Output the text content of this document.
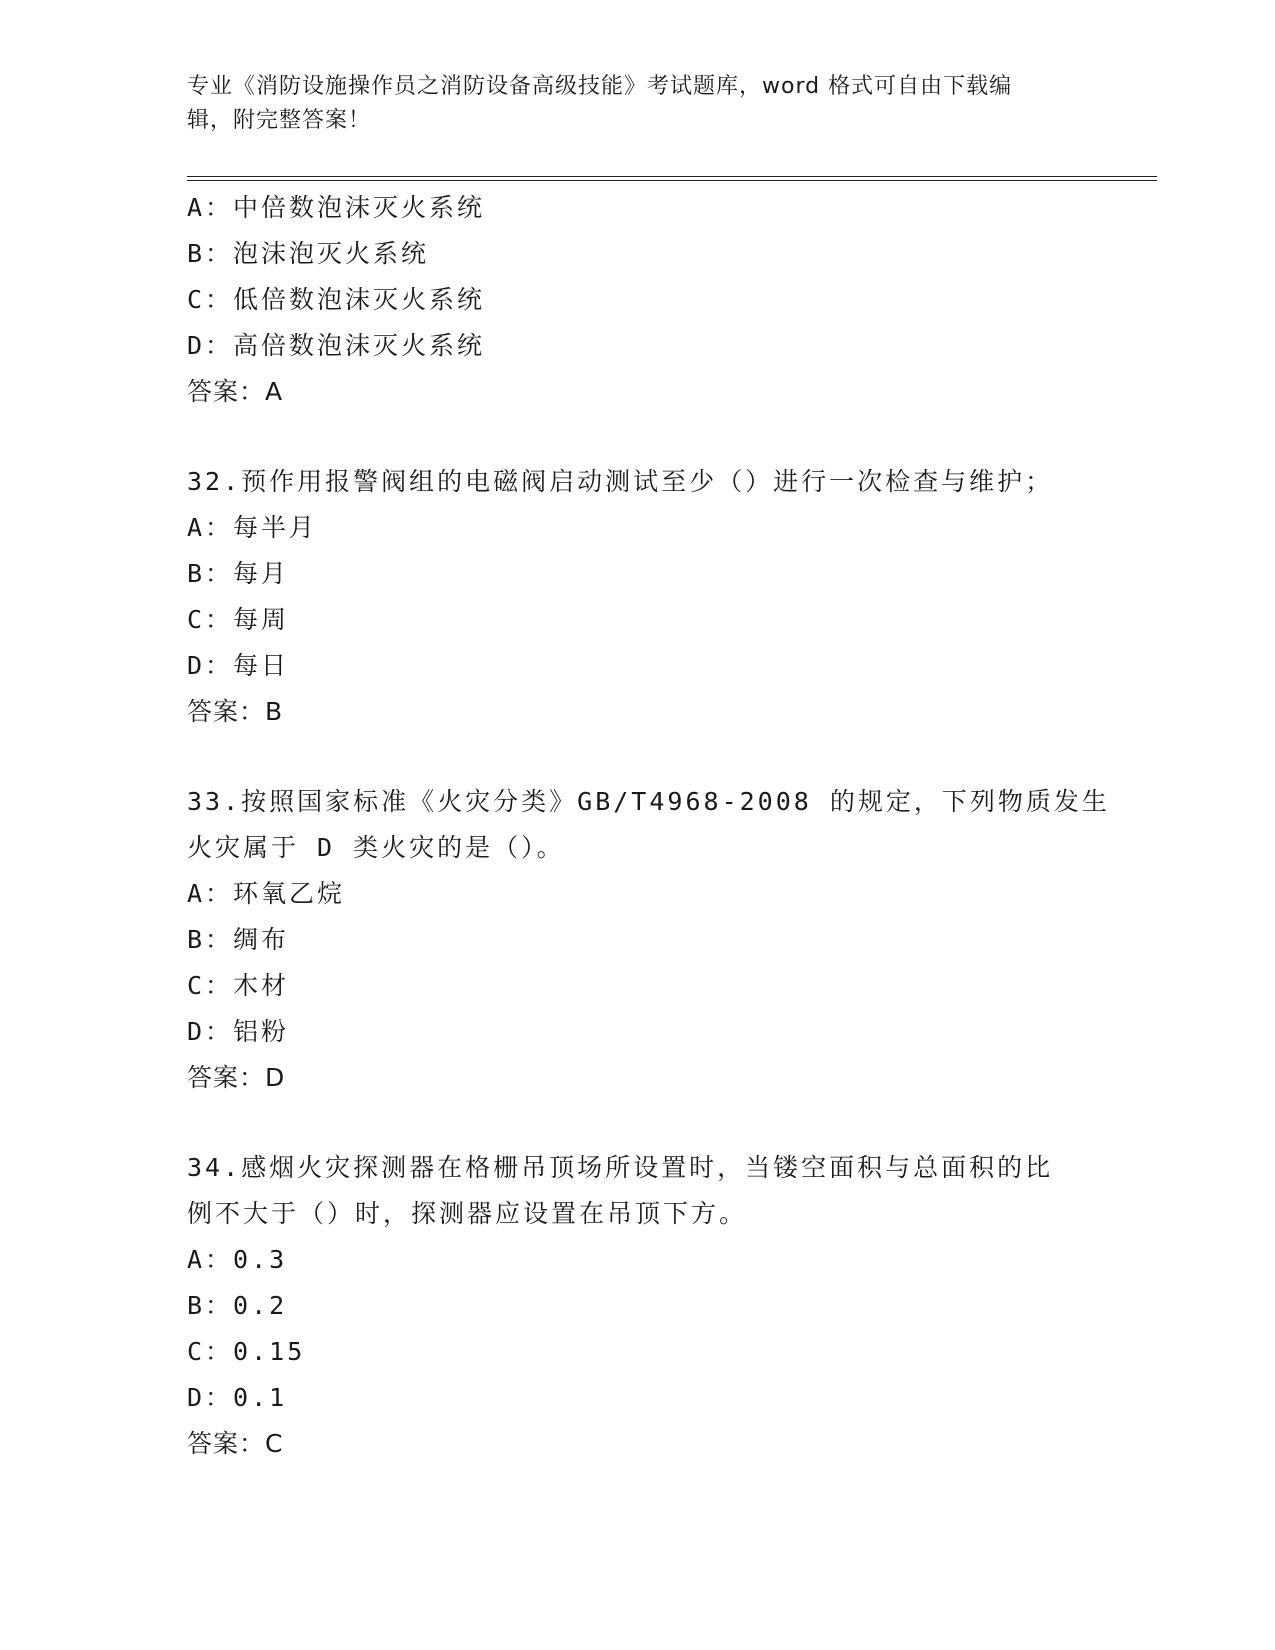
专业《消防设施操作员之消防设备高级技能》考试题库，word 格式可自由下载编
辑，附完整答案！
A：中倍数泡沫灭火系统
B：泡沫泡灭火系统
C：低倍数泡沫灭火系统
D：高倍数泡沫灭火系统
答案：A
32.预作用报警阀组的电磁阀启动测试至少（）进行一次检查与维护；
A：每半月
B：每月
C：每周
D：每日
答案：B
33.按照国家标准《火灾分类》GB/T4968-2008 的规定，下列物质发生
火灾属于 D 类火灾的是（）。
A：环氧乙烷
B：绸布
C：木材
D：铝粉
答案：D
34.感烟火灾探测器在格栅吊顶场所设置时，当镂空面积与总面积的比
例不大于（）时，探测器应设置在吊顶下方。
A：0.3
B：0.2
C：0.15
D：0.1
答案：C
